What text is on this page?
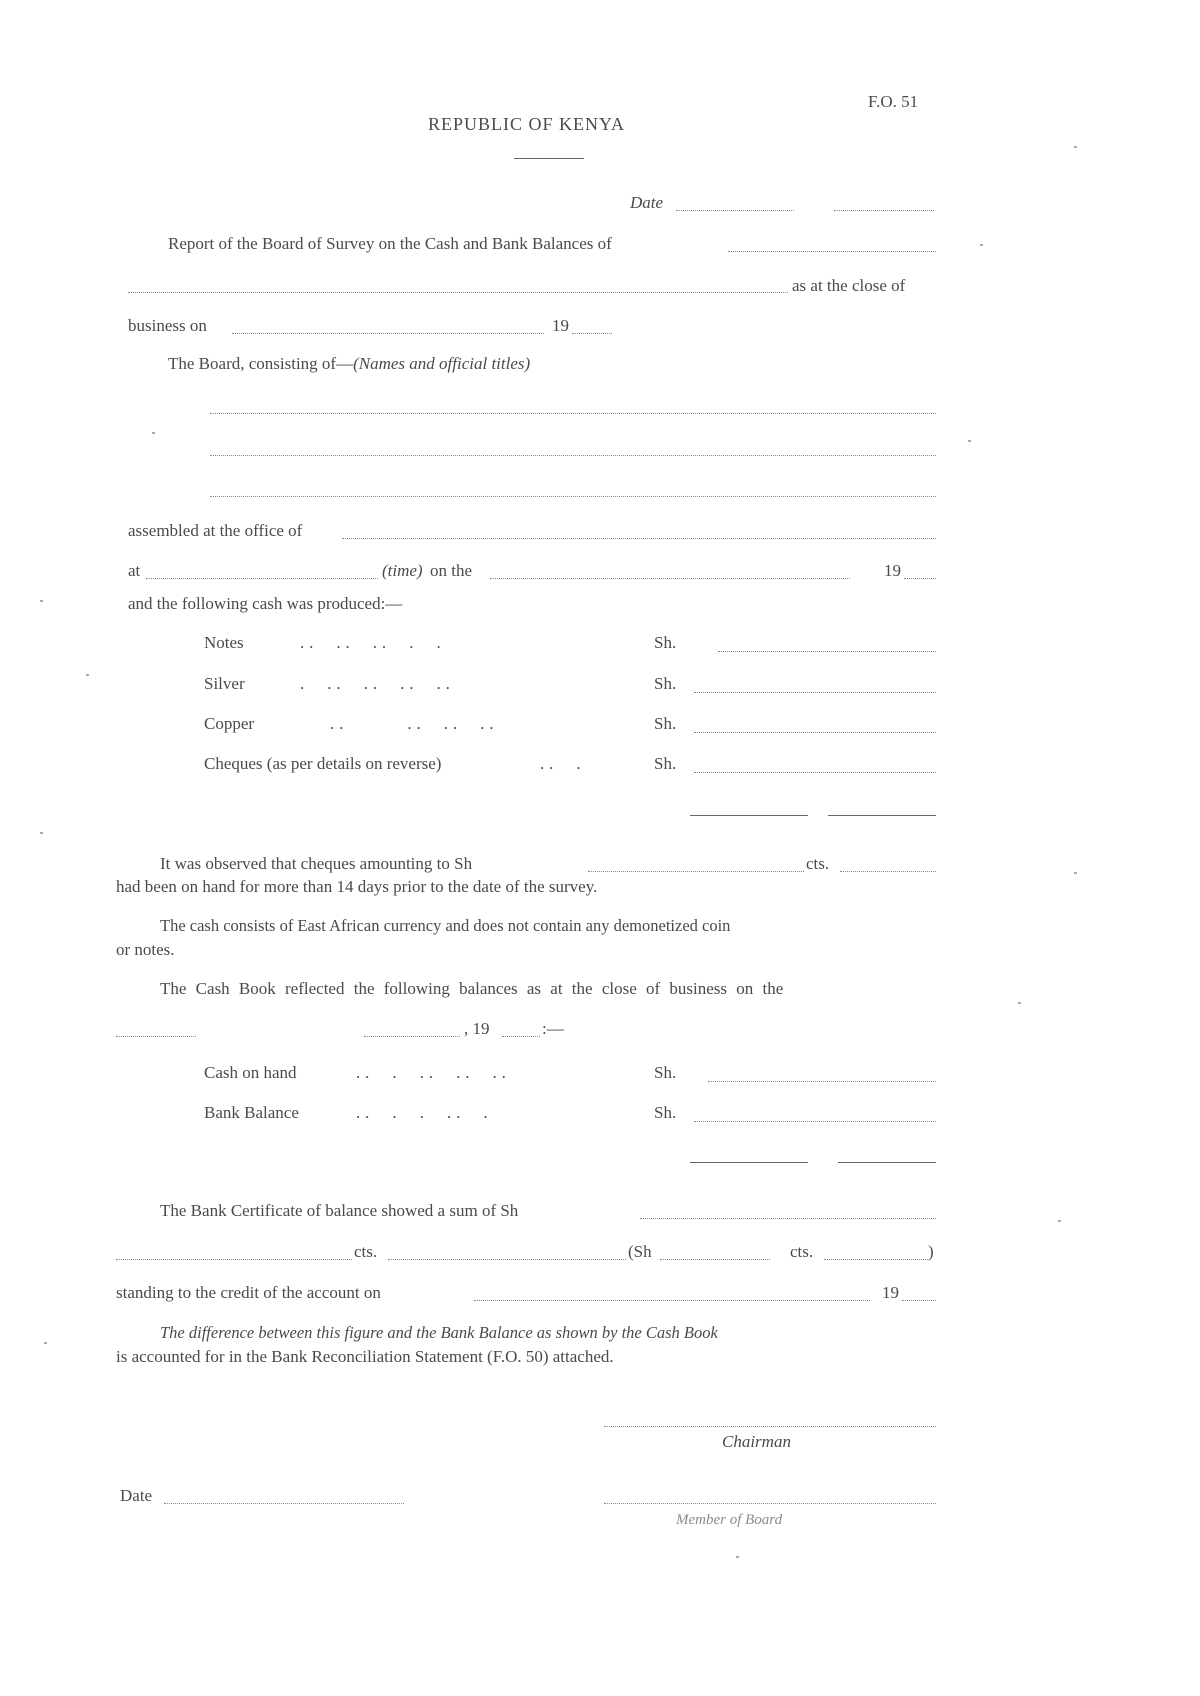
F.O. 51
REPUBLIC OF KENYA
Date
Report of the Board of Survey on the Cash and Bank Balances of
as at the close of
business on	19
The Board, consisting of—(Names and official titles)
assembled at the office of
at	(time) on the	19
and the following cash was produced:—
Notes	. .     . .     . .     .     .	Sh.
Silver	.     . .     . .     . .     . .	Sh.
Copper	. .              . .     . .     . .	Sh.
Cheques (as per details on reverse)	. .     .	Sh.
It was observed that cheques amounting to Sh	cts.
had been on hand for more than 14 days prior to the date of the survey.
The cash consists of East African currency and does not contain any demonetized coin
or notes.
The Cash Book reflected the following balances as at the close of business on the
, 19	:—
Cash on hand	. .     .     . .     . .     . .	Sh.
Bank Balance	. .     .     .     . .     .	Sh.
The Bank Certificate of balance showed a sum of Sh
cts.	(Sh	cts.	)
standing to the credit of the account on	19
The difference between this figure and the Bank Balance as shown by the Cash Book
is accounted for in the Bank Reconciliation Statement (F.O. 50) attached.
Chairman
Date
Member of Board
